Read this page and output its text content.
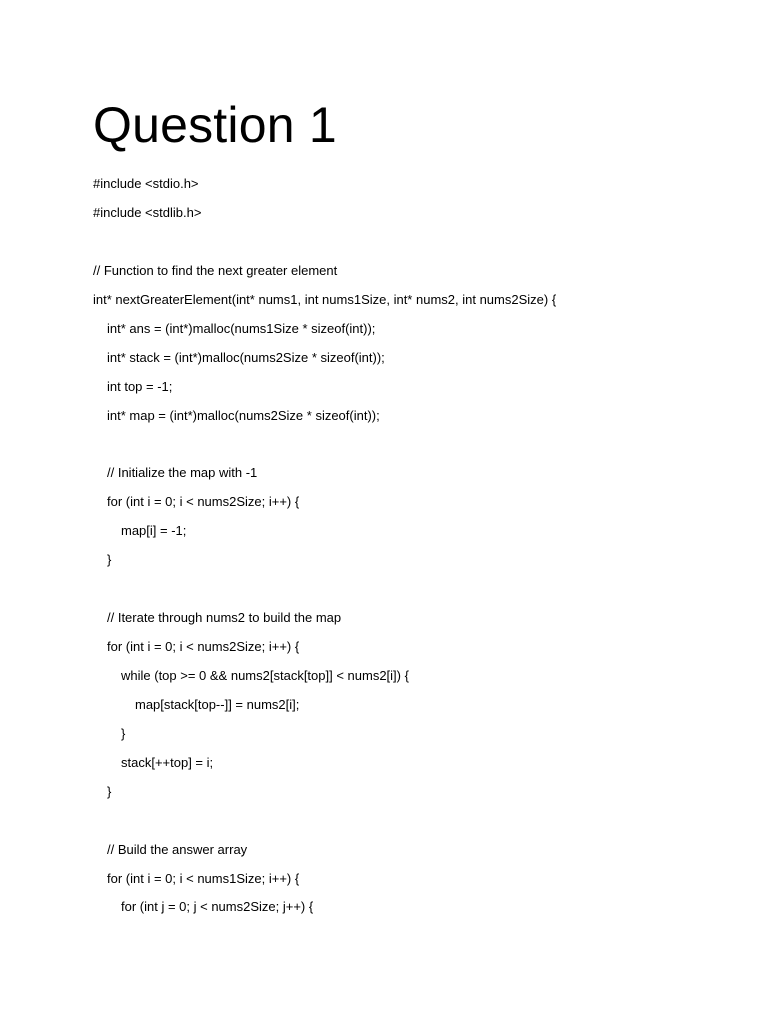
Question 1
#include <stdio.h>
#include <stdlib.h>
// Function to find the next greater element
int* nextGreaterElement(int* nums1, int nums1Size, int* nums2, int nums2Size) {
int* ans = (int*)malloc(nums1Size * sizeof(int));
int* stack = (int*)malloc(nums2Size * sizeof(int));
int top = -1;
int* map = (int*)malloc(nums2Size * sizeof(int));
// Initialize the map with -1
for (int i = 0; i < nums2Size; i++) {
map[i] = -1;
}
// Iterate through nums2 to build the map
for (int i = 0; i < nums2Size; i++) {
while (top >= 0 && nums2[stack[top]] < nums2[i]) {
map[stack[top--]] = nums2[i];
}
stack[++top] = i;
}
// Build the answer array
for (int i = 0; i < nums1Size; i++) {
for (int j = 0; j < nums2Size; j++) {
